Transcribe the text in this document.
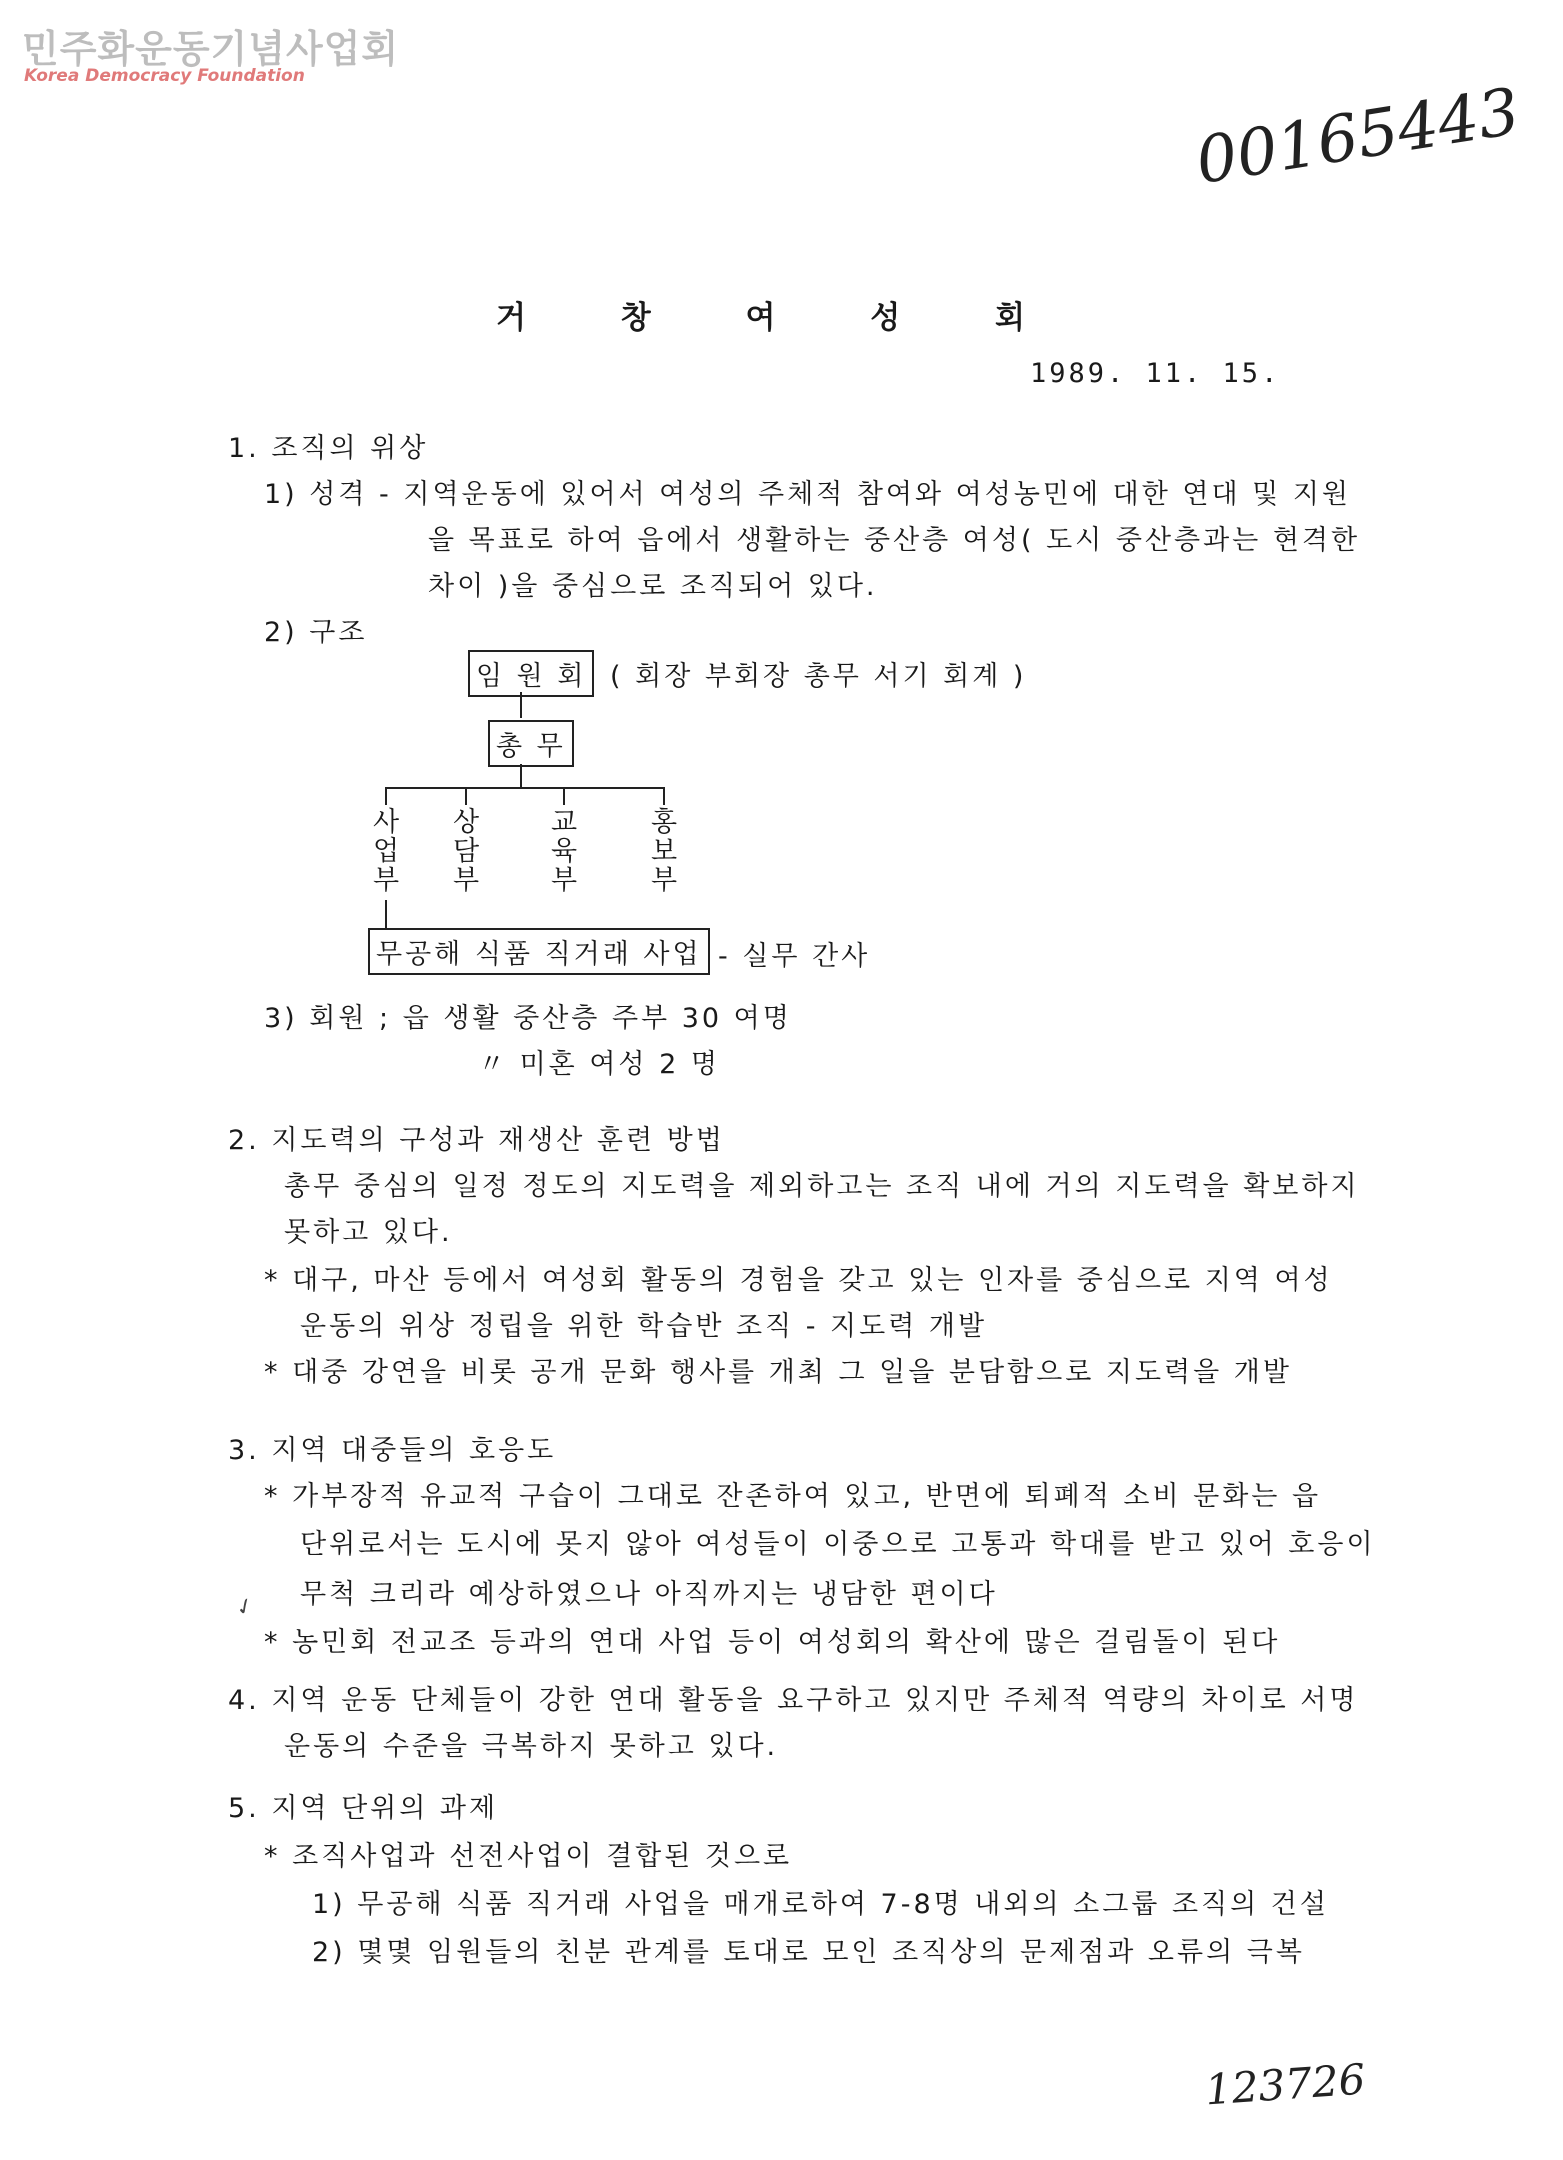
민주화운동기념사업회
Korea Democracy Foundation	00165443
123726
거 창 여 성 회
1989. 11. 15.
1. 조직의 위상
1) 성격 - 지역운동에 있어서 여성의 주체적 참여와 여성농민에 대한 연대 및 지원
을 목표로 하여 읍에서 생활하는 중산층 여성( 도시 중산층과는 현격한
차이 )을 중심으로 조직되어 있다.
2) 구조
임 원 회 ( 회장 부회장 총무 서기 회계 )
총 무
사
업
부
상
담
부
교
육
부
홍
보
부
무공해 식품 직거래 사업 - 실무 간사
3) 회원 ; 읍 생활 중산층 주부 30 여명
〃 미혼 여성 2 명
2. 지도력의 구성과 재생산 훈련 방법
총무 중심의 일정 정도의 지도력을 제외하고는 조직 내에 거의 지도력을 확보하지
못하고 있다.
* 대구, 마산 등에서 여성회 활동의 경험을 갖고 있는 인자를 중심으로 지역 여성
운동의 위상 정립을 위한 학습반 조직 - 지도력 개발
* 대중 강연을 비롯 공개 문화 행사를 개최 그 일을 분담함으로 지도력을 개발
3. 지역 대중들의 호응도
* 가부장적 유교적 구습이 그대로 잔존하여 있고, 반면에 퇴폐적 소비 문화는 읍
단위로서는 도시에 못지 않아 여성들이 이중으로 고통과 학대를 받고 있어 호응이
무척 크리라 예상하였으나 아직까지는 냉담한 편이다
✓
* 농민회 전교조 등과의 연대 사업 등이 여성회의 확산에 많은 걸림돌이 된다
4. 지역 운동 단체들이 강한 연대 활동을 요구하고 있지만 주체적 역량의 차이로 서명
운동의 수준을 극복하지 못하고 있다.
5. 지역 단위의 과제
* 조직사업과 선전사업이 결합된 것으로
1) 무공해 식품 직거래 사업을 매개로하여 7-8명 내외의 소그룹 조직의 건설
2) 몇몇 임원들의 친분 관계를 토대로 모인 조직상의 문제점과 오류의 극복
